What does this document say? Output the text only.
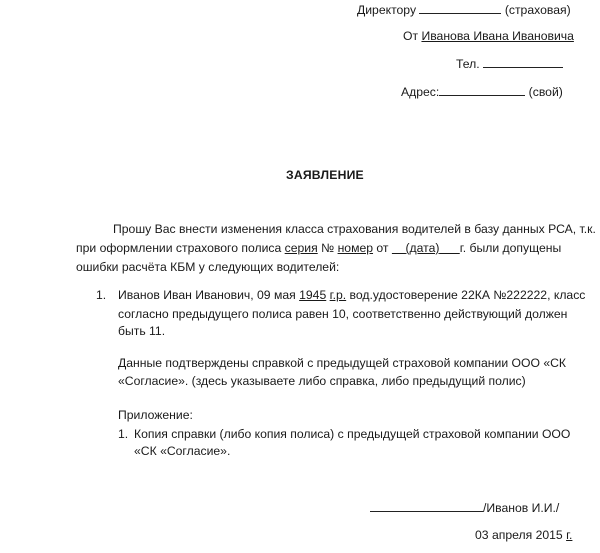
Директору	(страховая)
От Иванова Ивана Ивановича
Тел.
Адрес:	(свой)
ЗАЯВЛЕНИЕ
Прошу Вас внести изменения класса страхования водителей в базу данных РСА, т.к.
при оформлении страхового полиса серия № номер от (дата) г. были допущены
ошибки расчёта КБМ у следующих водителей:
1. Иванов Иван Иванович, 09 мая 1945 г.р. вод.удостоверение 22КА №222222, класс
согласно предыдущего полиса равен 10, соответственно действующий должен
быть 11.
Данные подтверждены справкой с предыдущей страховой компании ООО «СК
«Согласие». (здесь указываете либо справка, либо предыдущий полис)
Приложение:
1. Копия справки (либо копия полиса) с предыдущей страховой компании ООО
«СК «Согласие».
/Иванов И.И./
03 апреля 2015 г.
